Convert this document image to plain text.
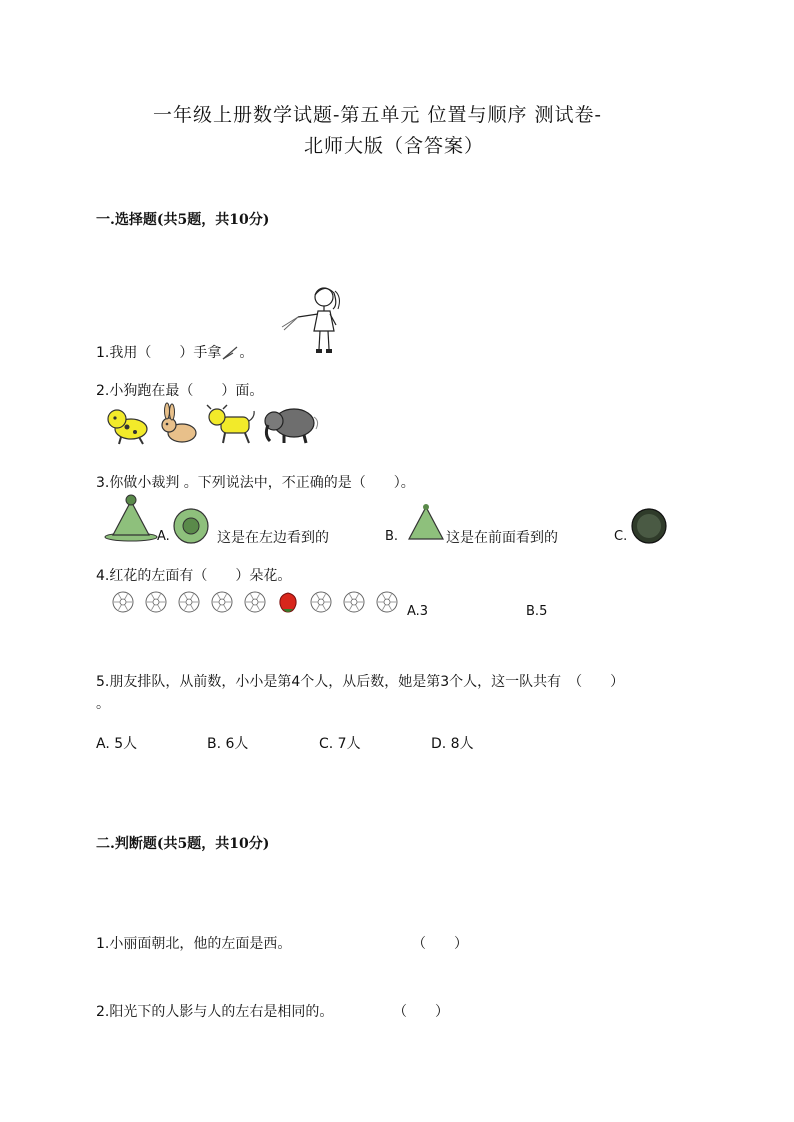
一年级上册数学试题-第五单元 位置与顺序 测试卷-
北师大版（含答案）
一.选择题(共5题，共10分)
1.我用（　　）手拿 。
2.小狗跑在最（　　）面。
3.你做小裁判 。下列说法中，不正确的是（　　）。
A.	这是在左边看到的	B.	这是在前面看到的	C.
4.红花的左面有（　　）朵花。
A.3	B.5
5.朋友排队，从前数，小小是第4个人，从后数，她是第3个人，这一队共有　（　　）
。
A. 5人	B. 6人	C. 7人	D. 8人
二.判断题(共5题，共10分)
1.小丽面朝北，他的左面是西。	（　　）
2.阳光下的人影与人的左右是相同的。	（　　）
